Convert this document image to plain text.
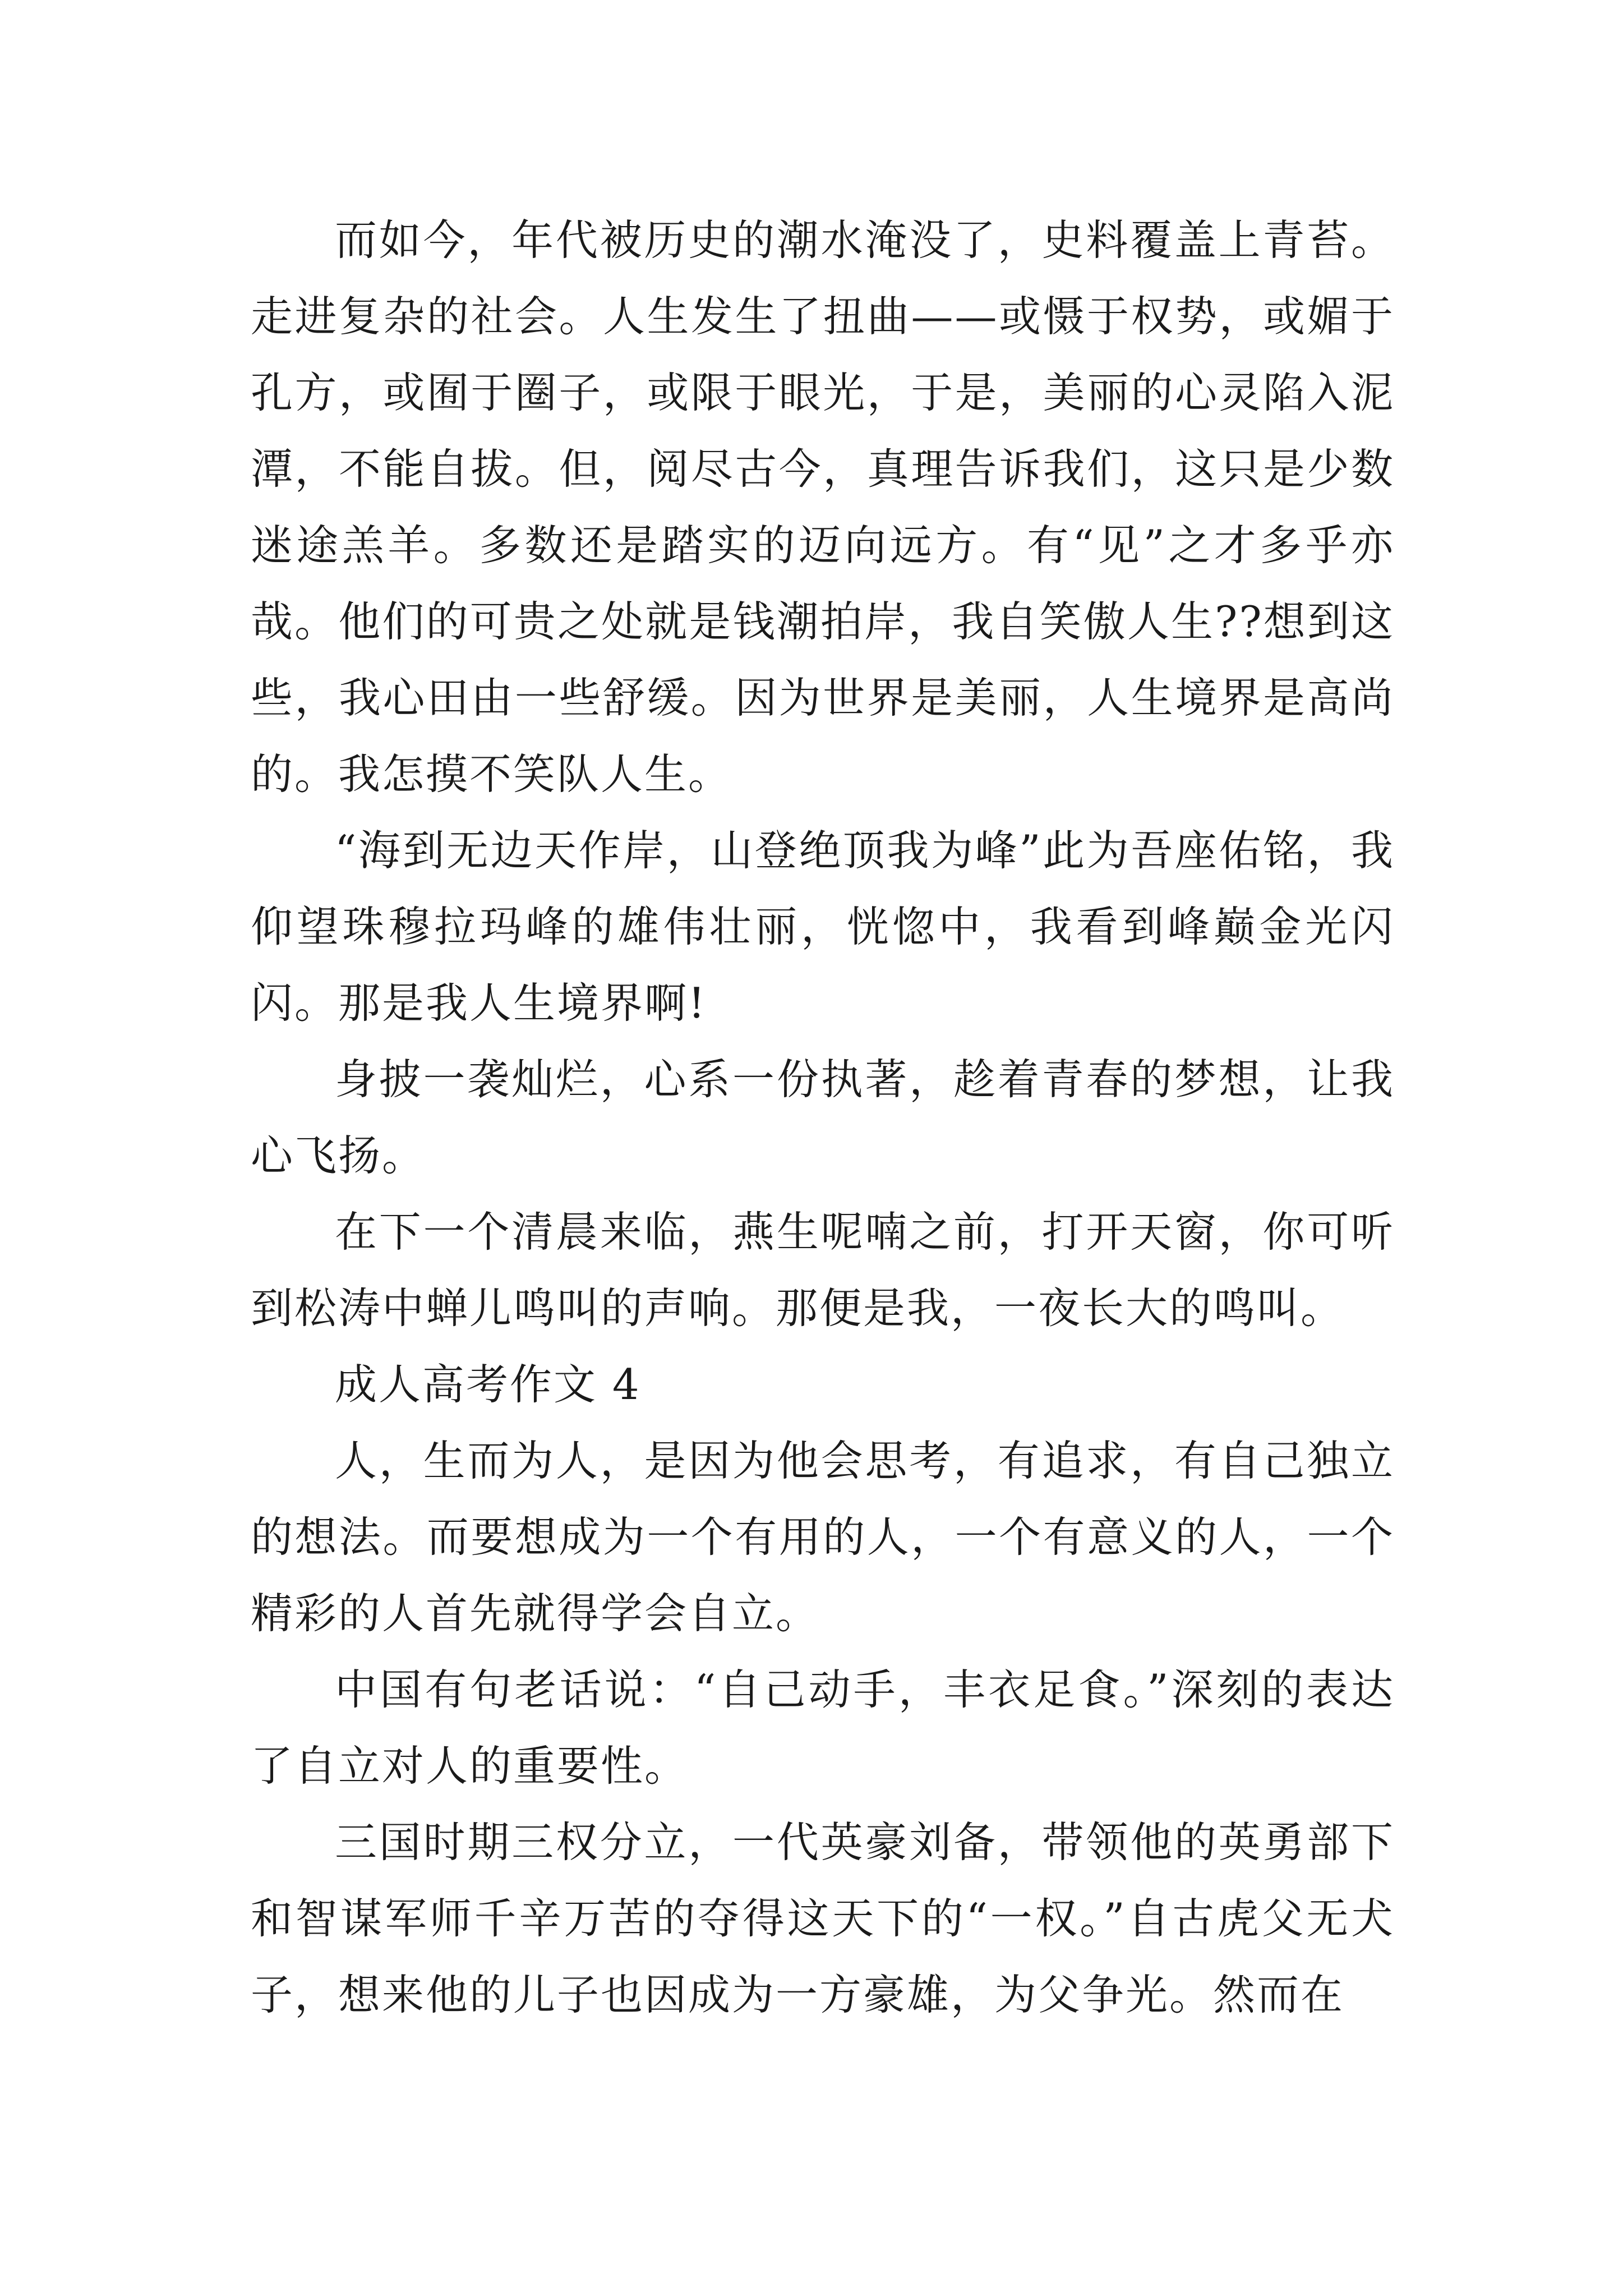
而如今，年代被历史的潮水淹没了，史料覆盖上青苔。走进复杂的社会。人生发生了扭曲——或慑于权势，或媚于孔方，或囿于圈子，或限于眼光，于是，美丽的心灵陷入泥潭，不能自拔。但，阅尽古今，真理告诉我们，这只是少数迷途羔羊。多数还是踏实的迈向远方。有“见”之才多乎亦哉。他们的可贵之处就是钱潮拍岸，我自笑傲人生??想到这些，我心田由一些舒缓。因为世界是美丽，人生境界是高尚的。我怎摸不笑队人生。

“海到无边天作岸，山登绝顶我为峰”此为吾座佑铭，我仰望珠穆拉玛峰的雄伟壮丽，恍惚中，我看到峰巅金光闪闪。那是我人生境界啊!

身披一袭灿烂，心系一份执著，趁着青春的梦想，让我心飞扬。

在下一个清晨来临，燕生呢喃之前，打开天窗，你可听到松涛中蝉儿鸣叫的声响。那便是我，一夜长大的鸣叫。

成人高考作文 4

人，生而为人，是因为他会思考，有追求，有自己独立的想法。而要想成为一个有用的人，一个有意义的人，一个精彩的人首先就得学会自立。

中国有句老话说：“自己动手，丰衣足食。”深刻的表达了自立对人的重要性。

三国时期三权分立，一代英豪刘备，带领他的英勇部下和智谋军师千辛万苦的夺得这天下的“一权。”自古虎父无犬子，想来他的儿子也因成为一方豪雄，为父争光。然而在
